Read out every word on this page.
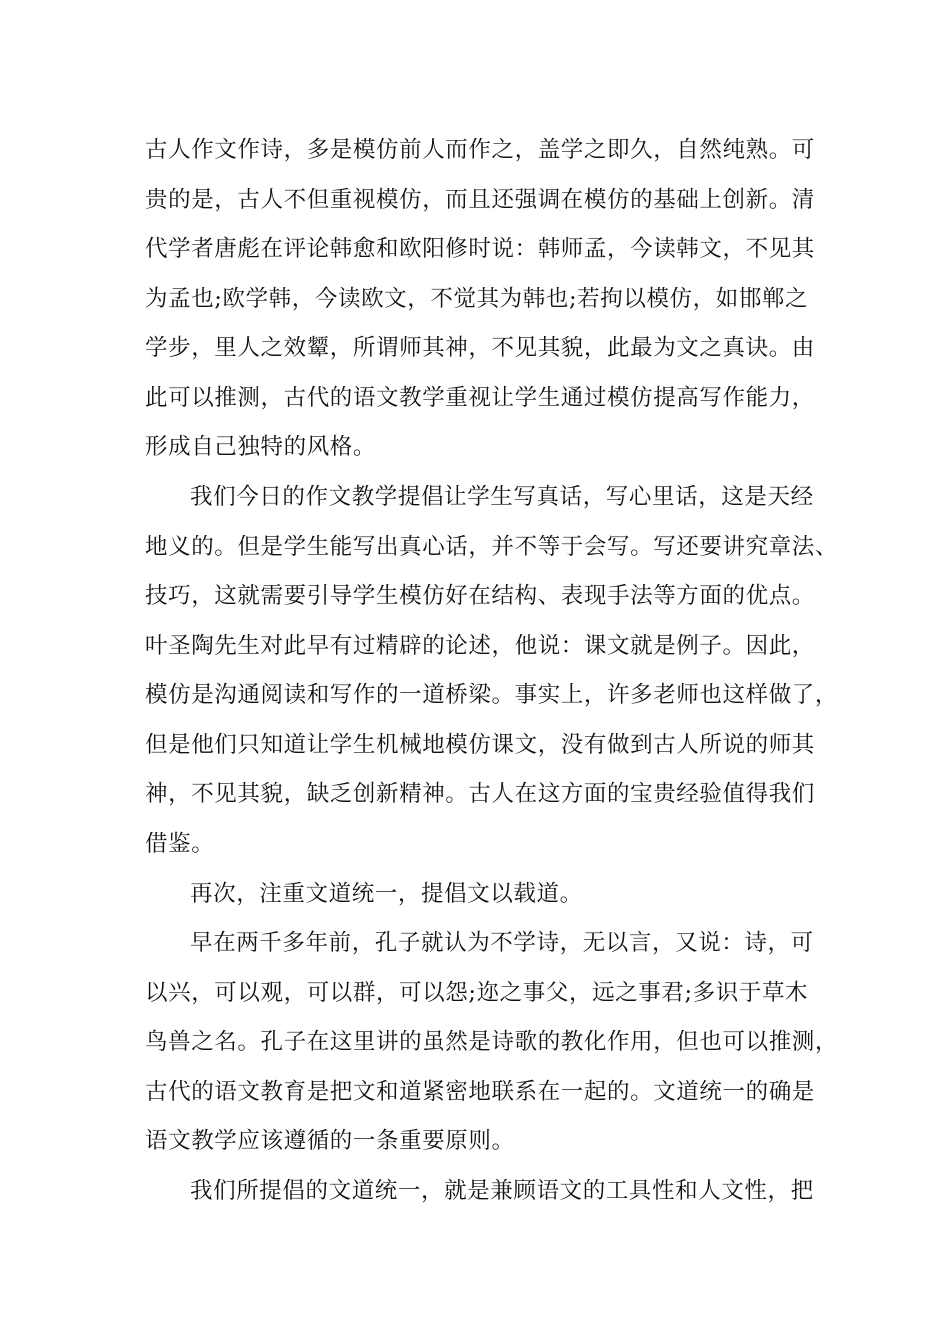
古人作文作诗，多是模仿前人而作之，盖学之即久，自然纯熟。可
贵的是，古人不但重视模仿，而且还强调在模仿的基础上创新。清
代学者唐彪在评论韩愈和欧阳修时说：韩师孟，今读韩文，不见其
为孟也;欧学韩，今读欧文，不觉其为韩也;若拘以模仿，如邯郸之
学步，里人之效颦，所谓师其神，不见其貌，此最为文之真诀。由
此可以推测，古代的语文教学重视让学生通过模仿提高写作能力，
形成自己独特的风格。
我们今日的作文教学提倡让学生写真话，写心里话，这是天经
地义的。但是学生能写出真心话，并不等于会写。写还要讲究章法、
技巧，这就需要引导学生模仿好在结构、表现手法等方面的优点。
叶圣陶先生对此早有过精辟的论述，他说：课文就是例子。因此，
模仿是沟通阅读和写作的一道桥梁。事实上，许多老师也这样做了，
但是他们只知道让学生机械地模仿课文，没有做到古人所说的师其
神，不见其貌，缺乏创新精神。古人在这方面的宝贵经验值得我们
借鉴。
再次，注重文道统一，提倡文以载道。
早在两千多年前，孔子就认为不学诗，无以言，又说：诗，可
以兴，可以观，可以群，可以怨;迩之事父，远之事君;多识于草木
鸟兽之名。孔子在这里讲的虽然是诗歌的教化作用，但也可以推测，
古代的语文教育是把文和道紧密地联系在一起的。文道统一的确是
语文教学应该遵循的一条重要原则。
我们所提倡的文道统一，就是兼顾语文的工具性和人文性，把
